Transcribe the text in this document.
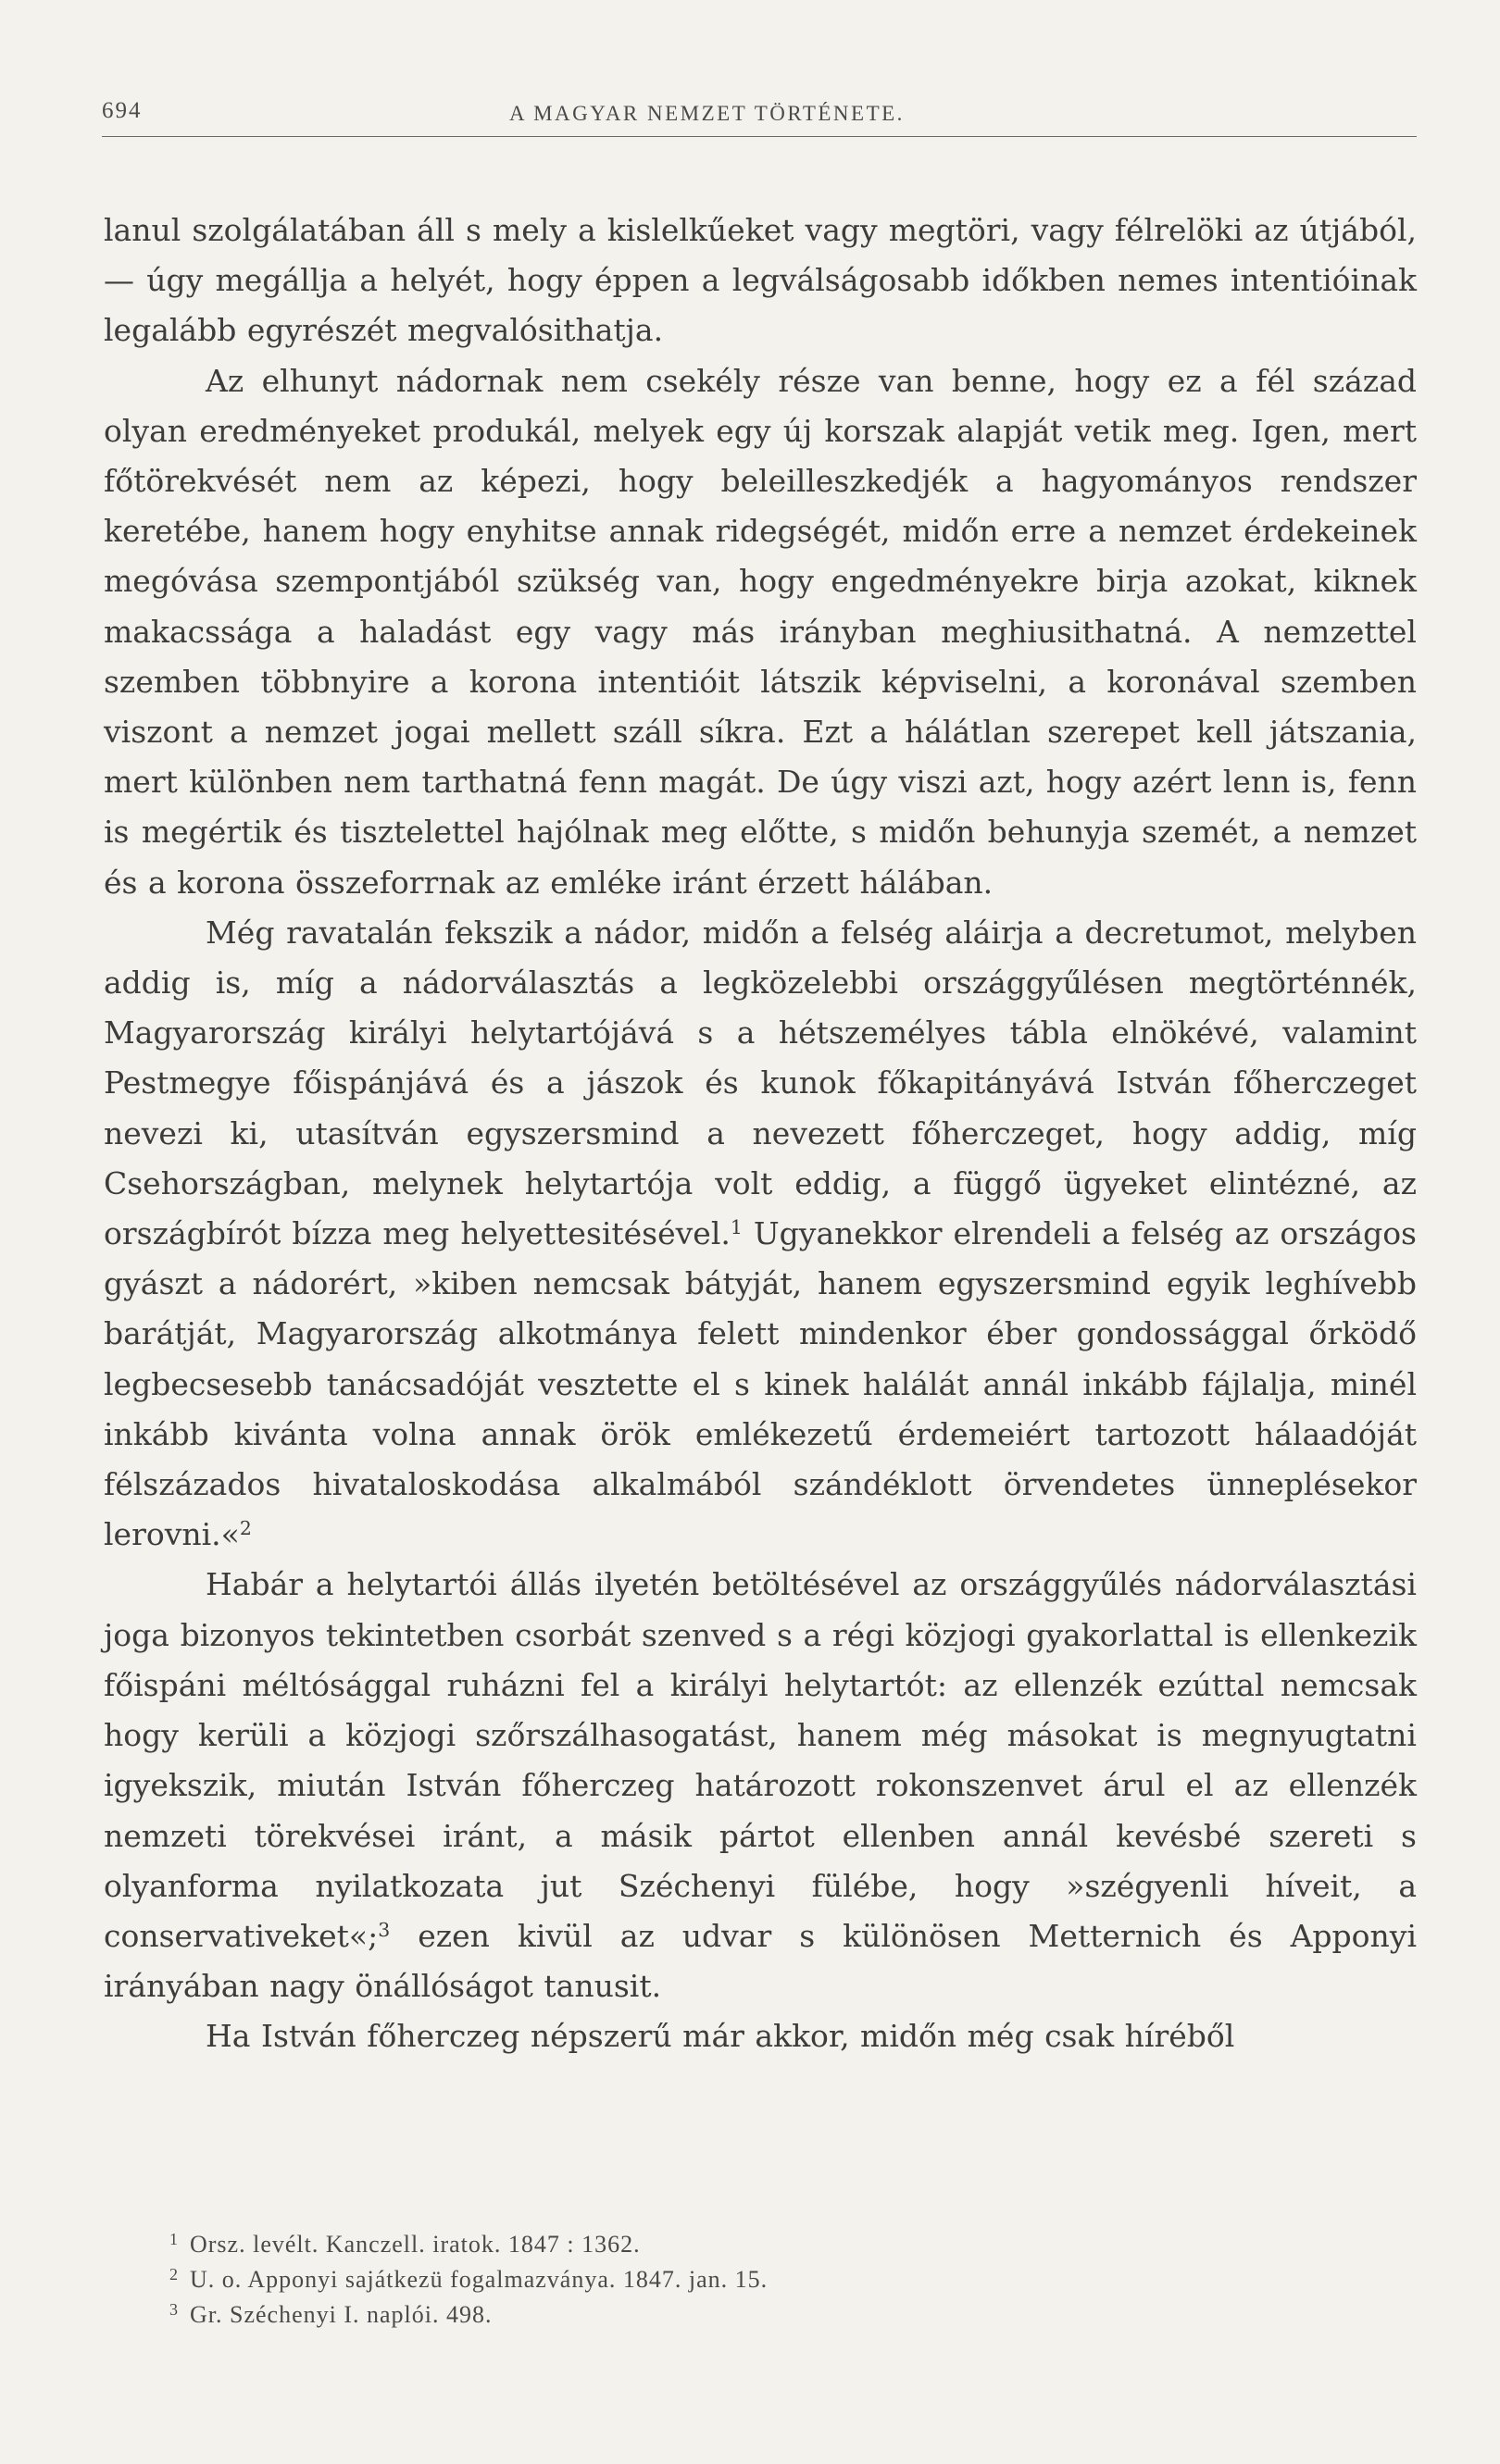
694	A MAGYAR NEMZET TÖRTÉNETE.

lanul szolgálatában áll s mely a kislelkűeket vagy megtöri, vagy félrelöki az útjából, — úgy megállja a helyét, hogy éppen a legválságosabb időkben nemes intentióinak legalább egyrészét megvalósithatja.

Az elhunyt nádornak nem csekély része van benne, hogy ez a fél század olyan eredményeket produkál, melyek egy új korszak alapját vetik meg. Igen, mert főtörekvését nem az képezi, hogy beleilleszkedjék a hagyományos rendszer keretébe, hanem hogy enyhitse annak ridegségét, midőn erre a nemzet érdekeinek megóvása szempontjából szükség van, hogy engedményekre birja azokat, kiknek makacssága a haladást egy vagy más irányban meghiusithatná. A nemzettel szemben többnyire a korona intentióit látszik képviselni, a koronával szemben viszont a nemzet jogai mellett száll síkra. Ezt a hálátlan szerepet kell játszania, mert különben nem tarthatná fenn magát. De úgy viszi azt, hogy azért lenn is, fenn is megértik és tisztelettel hajólnak meg előtte, s midőn behunyja szemét, a nemzet és a korona összeforrnak az emléke iránt érzett hálában.

Még ravatalán fekszik a nádor, midőn a felség aláirja a decretumot, melyben addig is, míg a nádorválasztás a legközelebbi országgyűlésen megtörténnék, Magyarország királyi helytartójává s a hétszemélyes tábla elnökévé, valamint Pestmegye főispánjává és a jászok és kunok főkapitányává István főherczeget nevezi ki, utasítván egyszersmind a nevezett főherczeget, hogy addig, míg Csehországban, melynek helytartója volt eddig, a függő ügyeket elintézné, az országbírót bízza meg helyettesitésével.$^1$ Ugyanekkor elrendeli a felség az országos gyászt a nádorért, »kiben nemcsak bátyját, hanem egyszersmind egyik leghívebb barátját, Magyarország alkotmánya felett mindenkor éber gondossággal őrködő legbecsesebb tanácsadóját vesztette el s kinek halálát annál inkább fájlalja, minél inkább kivánta volna annak örök emlékezetű érdemeiért tartozott hálaadóját félszázados hivataloskodása alkalmából szándéklott örvendetes ünneplésekor lerovni.«$^2$

Habár a helytartói állás ilyetén betöltésével az országgyűlés nádorválasztási joga bizonyos tekintetben csorbát szenved s a régi közjogi gyakorlattal is ellenkezik főispáni méltósággal ruházni fel a királyi helytartót: az ellenzék ezúttal nemcsak hogy kerüli a közjogi szőrszálhasogatást, hanem még másokat is megnyugtatni igyekszik, miután István főherczeg határozott rokonszenvet árul el az ellenzék nemzeti törekvései iránt, a másik pártot ellenben annál kevésbé szereti s olyanforma nyilatkozata jut Széchenyi fülébe, hogy »szégyenli híveit, a conservativeket«;$^3$ ezen kivül az udvar s különösen Metternich és Apponyi irányában nagy önállóságot tanusit.

Ha István főherczeg népszerű már akkor, midőn még csak híréből

1 Orsz. levélt. Kanczell. iratok. 1847 : 1362.
2 U. o. Apponyi sajátkezü fogalmazványa. 1847. jan. 15.
3 Gr. Széchenyi I. naplói. 498.
